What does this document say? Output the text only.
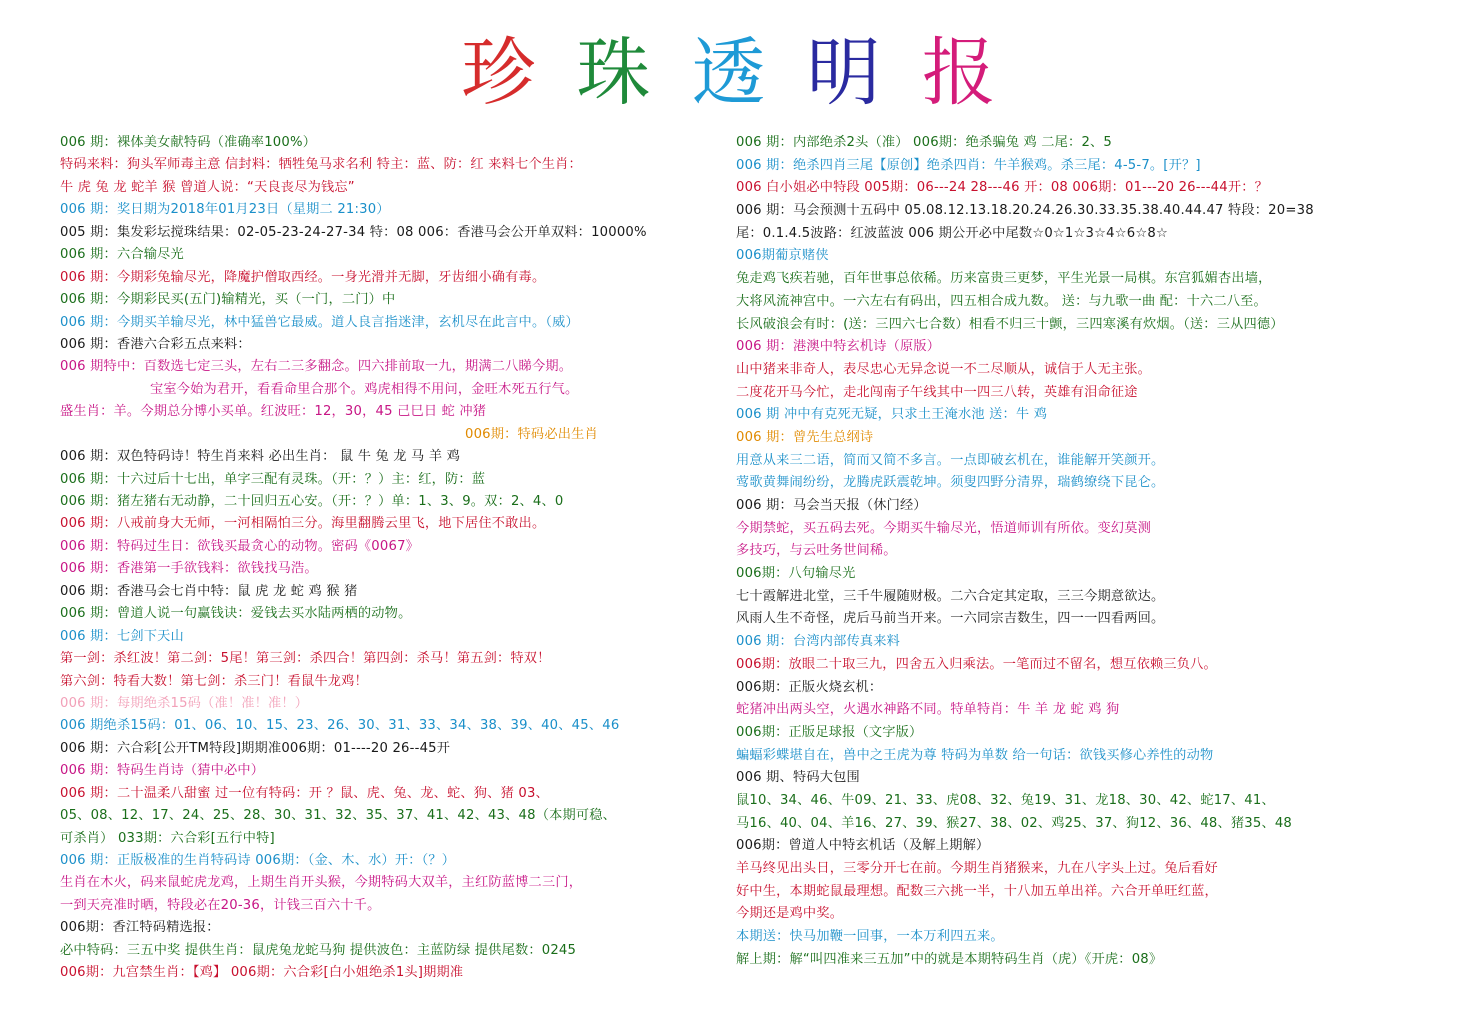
珍 珠 透 明 报
006 期：裸体美女献特码（准确率100%）
特码来料：狗头军师毒主意 信封料：牺牲兔马求名利 特主：蓝、防：红 来料七个生肖：
牛 虎 兔 龙 蛇羊 猴 曾道人说：“天良丧尽为钱忘”
006 期：奖日期为2018年01月23日（星期二 21:30）
005 期：集发彩坛搅珠结果：02-05-23-24-27-34 特：08 006：香港马会公开单双料：10000%
006 期：六合输尽光
006 期：今期彩兔输尽光，降魔护僧取西经。一身光滑并无脚，牙齿细小确有毒。
006 期：今期彩民买(五门)输精光，买（一门，二门）中
006 期：今期买羊输尽光，林中猛兽它最威。道人良言指迷津，玄机尽在此言中。（威）
006 期：香港六合彩五点来料：
006 期特中：百数选七定三头，左右二三多翻念。四六排前取一九，期满二八睇今期。
宝室今始为君开，看看命里合那个。鸡虎相得不用问，金旺木死五行气。
盛生肖：羊。今期总分博小买单。红波旺：12，30，45 己巳日 蛇 冲猪
006期：特码必出生肖
006 期：双色特码诗！特生肖来料 必出生肖： 鼠 牛 兔 龙 马 羊 鸡
006 期：十六过后十七出，单字三配有灵珠。（开：？）主：红，防：蓝
006 期：猪左猪右无动静，二十回归五心安。（开：？）单：1、3、9。双：2、4、0
006 期：八戒前身大无师，一河相隔怕三分。海里翻腾云里飞，地下居住不敢出。
006 期：特码过生日：欲钱买最贪心的动物。密码《0067》
006 期：香港第一手欲钱料：欲钱找马浩。
006 期：香港马会七肖中特：鼠 虎 龙 蛇 鸡 猴 猪
006 期：曾道人说一句赢钱诀：爱钱去买水陆两栖的动物。
006 期：七剑下天山
第一剑：杀红波！第二剑：5尾！第三剑：杀四合！第四剑：杀马！第五剑：特双！
第六剑：特看大数！第七剑：杀三门！看鼠牛龙鸡！
006 期：每期绝杀15码（准！准！准！）
006 期绝杀15码：01、06、10、15、23、26、30、31、33、34、38、39、40、45、46
006 期：六合彩[公开TM特段]期期准006期：01----20 26--45开
006 期：特码生肖诗（猜中必中）
006 期：二十温柔八甜蜜 过一位有特码：开 ？鼠、虎、兔、龙、蛇、狗、猪 03、
05、08、12、17、24、25、28、30、31、32、35、37、41、42、43、48（本期可稳、
可杀肖） 033期：六合彩[五行中特]
006 期：正版极准的生肖特码诗 006期：（金、木、水）开：（？）
生肖在木火，码来鼠蛇虎龙鸡，上期生肖开头猴，今期特码大双羊，主红防蓝博二三门，
一到天亮准时晒，特段必在20-36，计钱三百六十千。
006期：香江特码精选报：
必中特码：三五中奖 提供生肖：鼠虎兔龙蛇马狗 提供波色：主蓝防绿 提供尾数：0245
006期：九宫禁生肖：【鸡】 006期：六合彩[白小姐绝杀1头]期期准
006 期：内部绝杀2头（准） 006期：绝杀骗兔 鸡 二尾：2、5
006 期：绝杀四肖三尾【原创】绝杀四肖：牛羊猴鸡。杀三尾：4-5-7。[开？]
006 白小姐必中特段 005期：06---24 28---46 开：08 006期：01---20 26---44开：？
006 期：马会预测十五码中 05.08.12.13.18.20.24.26.30.33.35.38.40.44.47 特段：20=38
尾：0.1.4.5波路：红波蓝波 006 期公开必中尾数☆0☆1☆3☆4☆6☆8☆
006期葡京赌侠
兔走鸡飞疾若驰，百年世事总依稀。历来富贵三更梦，平生光景一局棋。东宫狐媚杏出墙，
大将风流神宫中。一六左右有码出，四五相合成九数。 送：与九歌一曲 配：十六二八至。
长风破浪会有时：(送：三四六七合数）相看不归三十颤，三四寒溪有炊烟。（送：三从四德）
006 期：港澳中特玄机诗（原版）
山中猪来非奇人，表尽忠心无异念说一不二尽顺从，诚信于人无主张。
二度花开马今忙，走北闯南子午线其中一四三八转，英雄有泪命征途
006 期 冲中有克死无疑，只求土王淹水池 送：牛 鸡
006 期：曾先生总纲诗
用意从来三二语，简而又简不多言。一点即破玄机在，谁能解开笑颜开。
莺歌黄舞闹纷纷，龙腾虎跃震乾坤。须叟四野分清界，瑞鹤缭绕下昆仑。
006 期：马会当天报（休门经）
今期禁蛇，买五码去死。今期买牛输尽光，悟道师训有所依。变幻莫测
多技巧，与云吐务世间稀。
006期：八句输尽光
七十霞解进北堂，三千牛履随财极。二六合定其定取，三三今期意欲达。
风雨人生不奇怪，虎后马前当开来。一六同宗吉数生，四一一四看两回。
006 期：台湾内部传真来料
006期：放眼二十取三九，四舍五入归乘法。一笔而过不留名，想互依赖三负八。
006期：正版火烧玄机：
蛇猪冲出两头空，火遇水神路不同。特单特肖：牛 羊 龙 蛇 鸡 狗
006期：正版足球报（文字版）
蝙蝠彩蝶堪自在，兽中之王虎为尊 特码为单数 给一句话：欲钱买修心养性的动物
006 期、特码大包围
鼠10、34、46、牛09、21、33、虎08、32、兔19、31、龙18、30、42、蛇17、41、
马16、40、04、羊16、27、39、猴27、38、02、鸡25、37、狗12、36、48、猪35、48
006期：曾道人中特玄机话（及解上期解）
羊马终见出头日，三零分开七在前。今期生肖猪猴来，九在八字头上过。兔后看好
好中生，本期蛇鼠最理想。配数三六挑一半，十八加五单出祥。六合开单旺红蓝，
今期还是鸡中奖。
本期送：快马加鞭一回事，一本万利四五来。
解上期：解“叫四准来三五加”中的就是本期特码生肖（虎）《开虎：08》
